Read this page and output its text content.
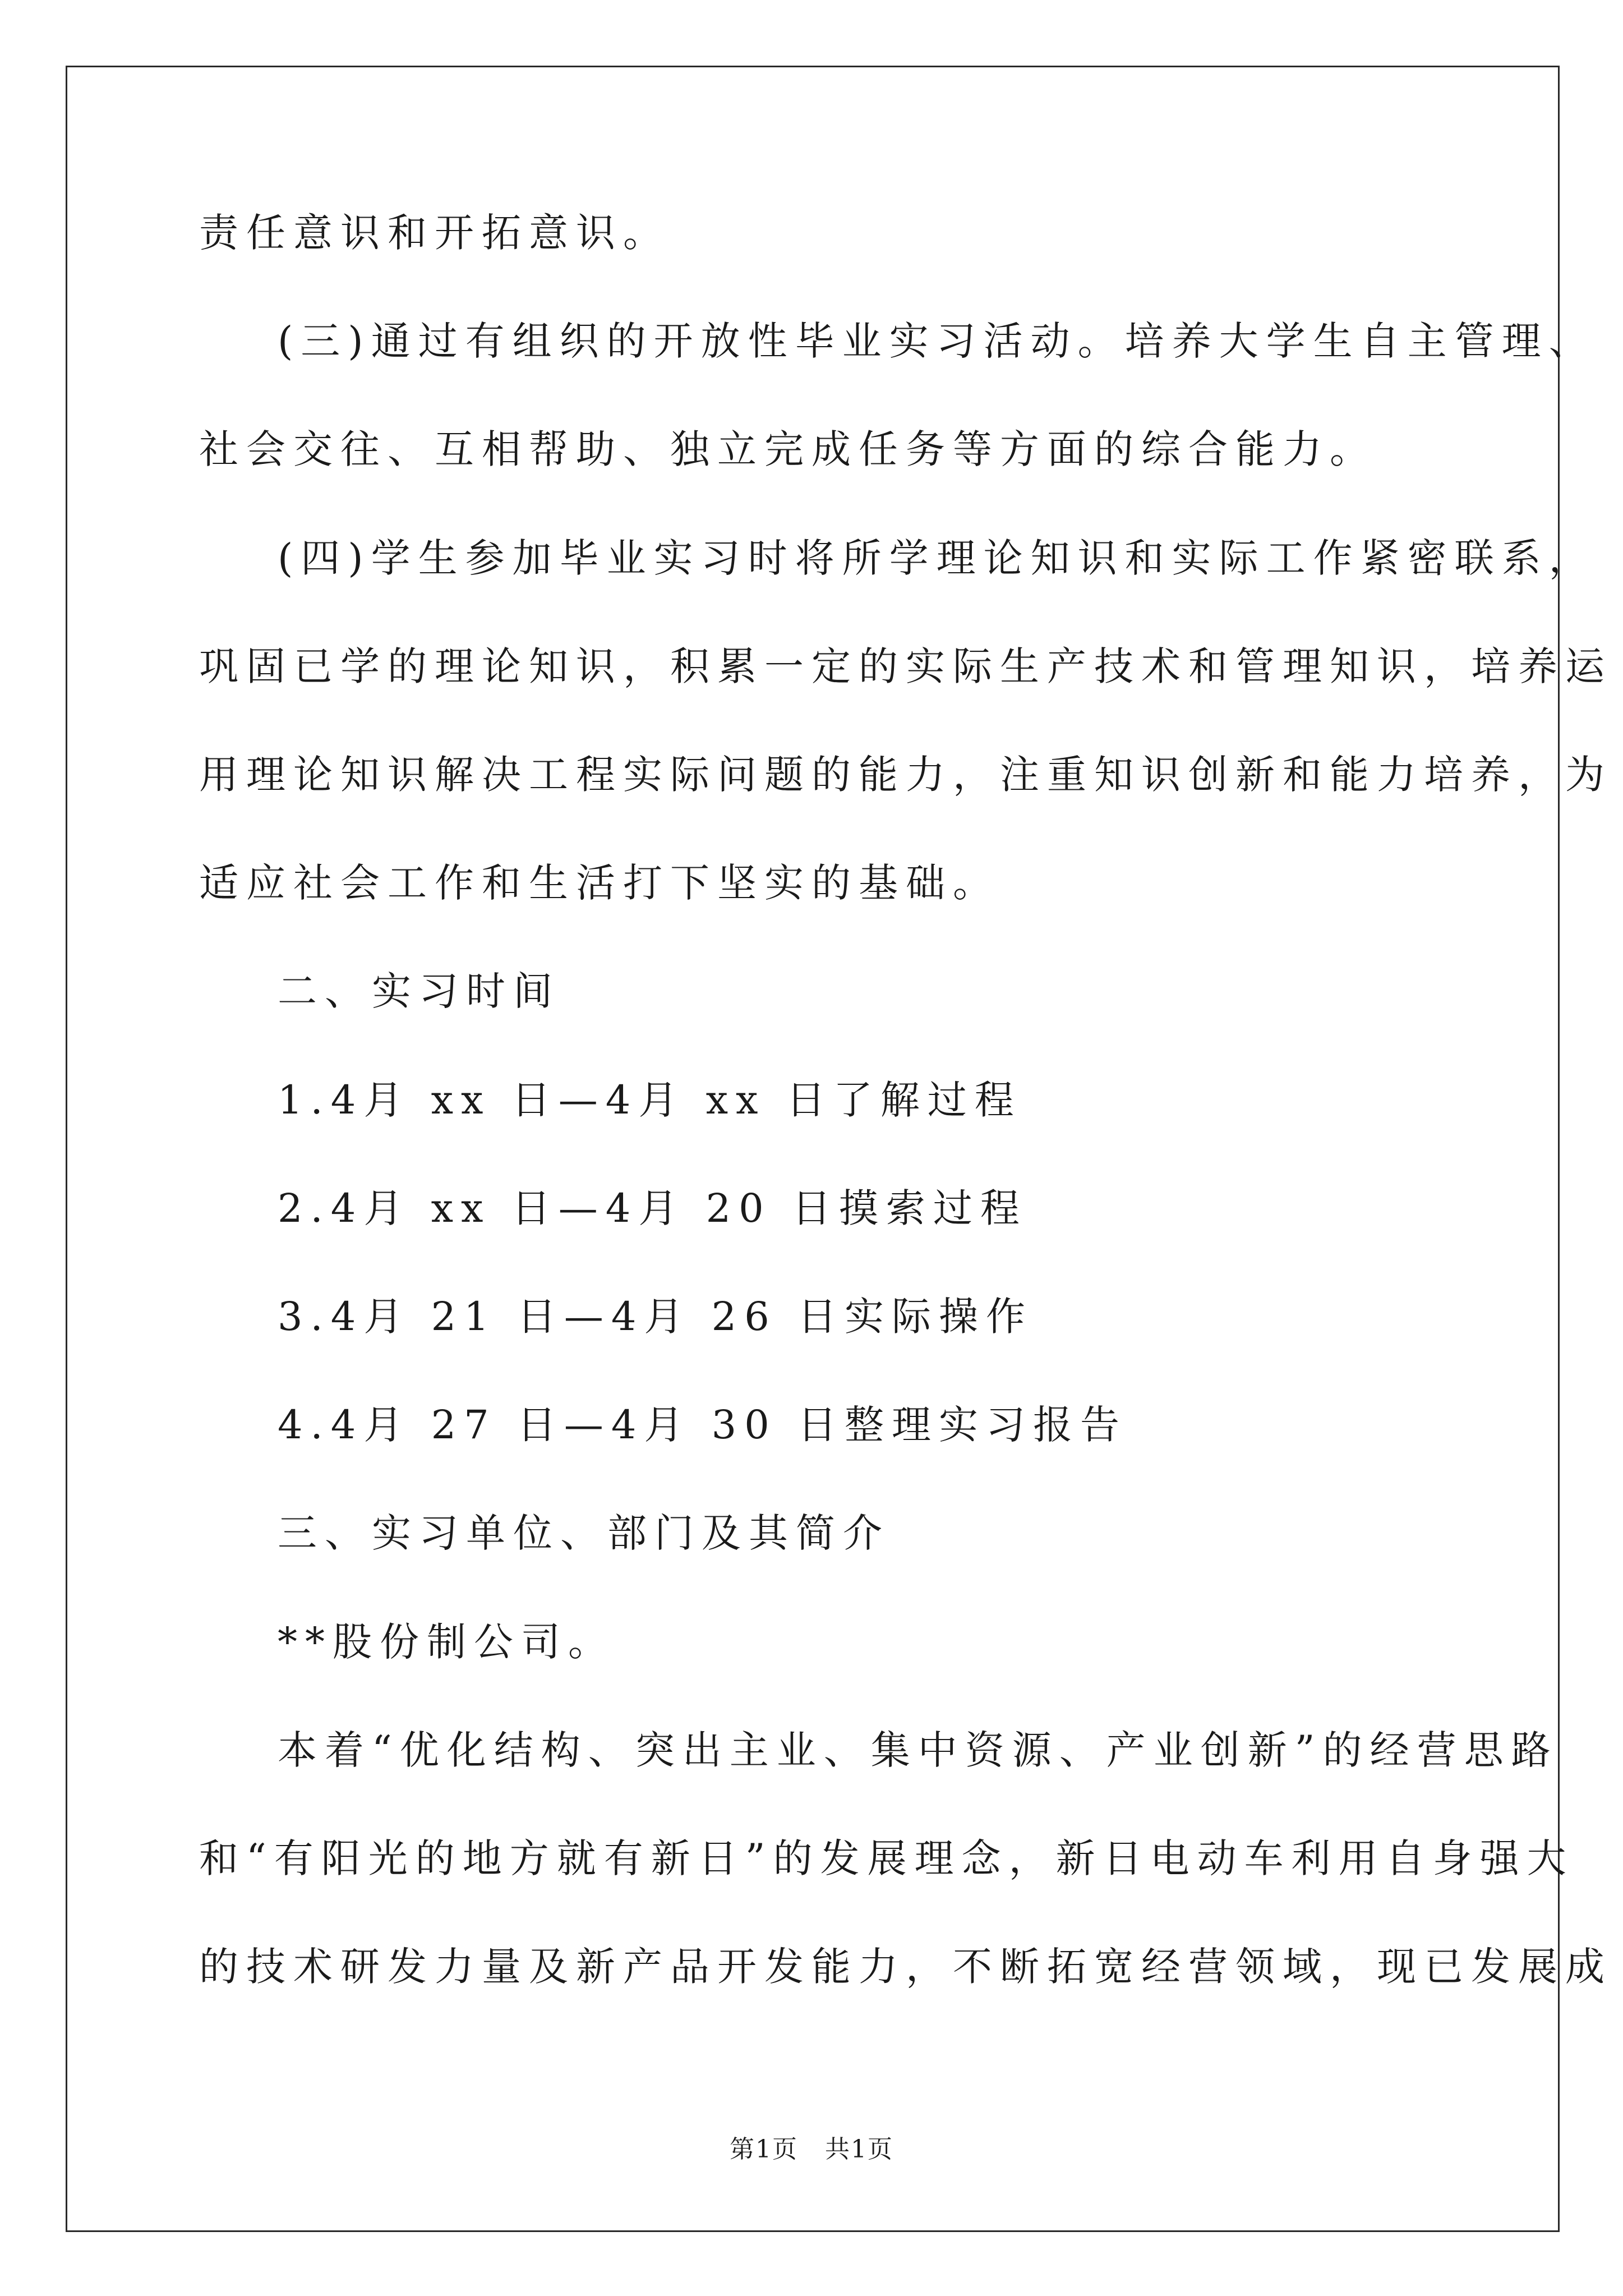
责任意识和开拓意识。
(三)通过有组织的开放性毕业实习活动。培养大学生自主管理、
社会交往、互相帮助、独立完成任务等方面的综合能力。
(四)学生参加毕业实习时将所学理论知识和实际工作紧密联系，
巩固已学的理论知识，积累一定的实际生产技术和管理知识，培养运
用理论知识解决工程实际问题的能力，注重知识创新和能力培养，为
适应社会工作和生活打下坚实的基础。
二、实习时间
1.4月 xx 日—4月 xx 日了解过程
2.4月 xx 日—4月 20 日摸索过程
3.4月 21 日—4月 26 日实际操作
4.4月 27 日—4月 30 日整理实习报告
三、实习单位、部门及其简介
**股份制公司。
本着“优化结构、突出主业、集中资源、产业创新”的经营思路
和“有阳光的地方就有新日”的发展理念，新日电动车利用自身强大
的技术研发力量及新产品开发能力，不断拓宽经营领域，现已发展成
第1页   共1页
